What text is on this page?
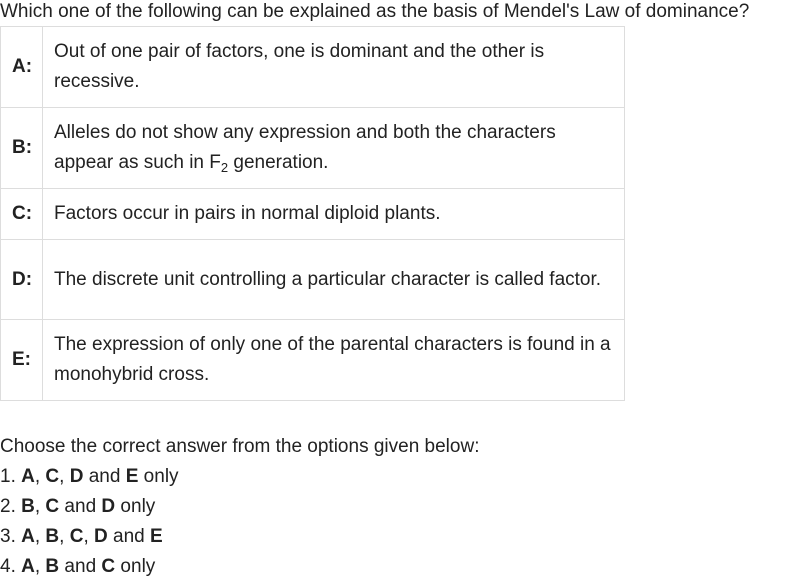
Which one of the following can be explained as the basis of Mendel's Law of dominance?
A:	Out of one pair of factors, one is dominant and the other is recessive.
B:	Alleles do not show any expression and both the characters appear as such in $F_2$ generation.
C:	Factors occur in pairs in normal diploid plants.
D:	The discrete unit controlling a particular character is called factor.
E:	The expression of only one of the parental characters is found in a monohybrid cross.
Choose the correct answer from the options given below:
1. A, C, D and E only
2. B, C and D only
3. A, B, C, D and E
4. A, B and C only
